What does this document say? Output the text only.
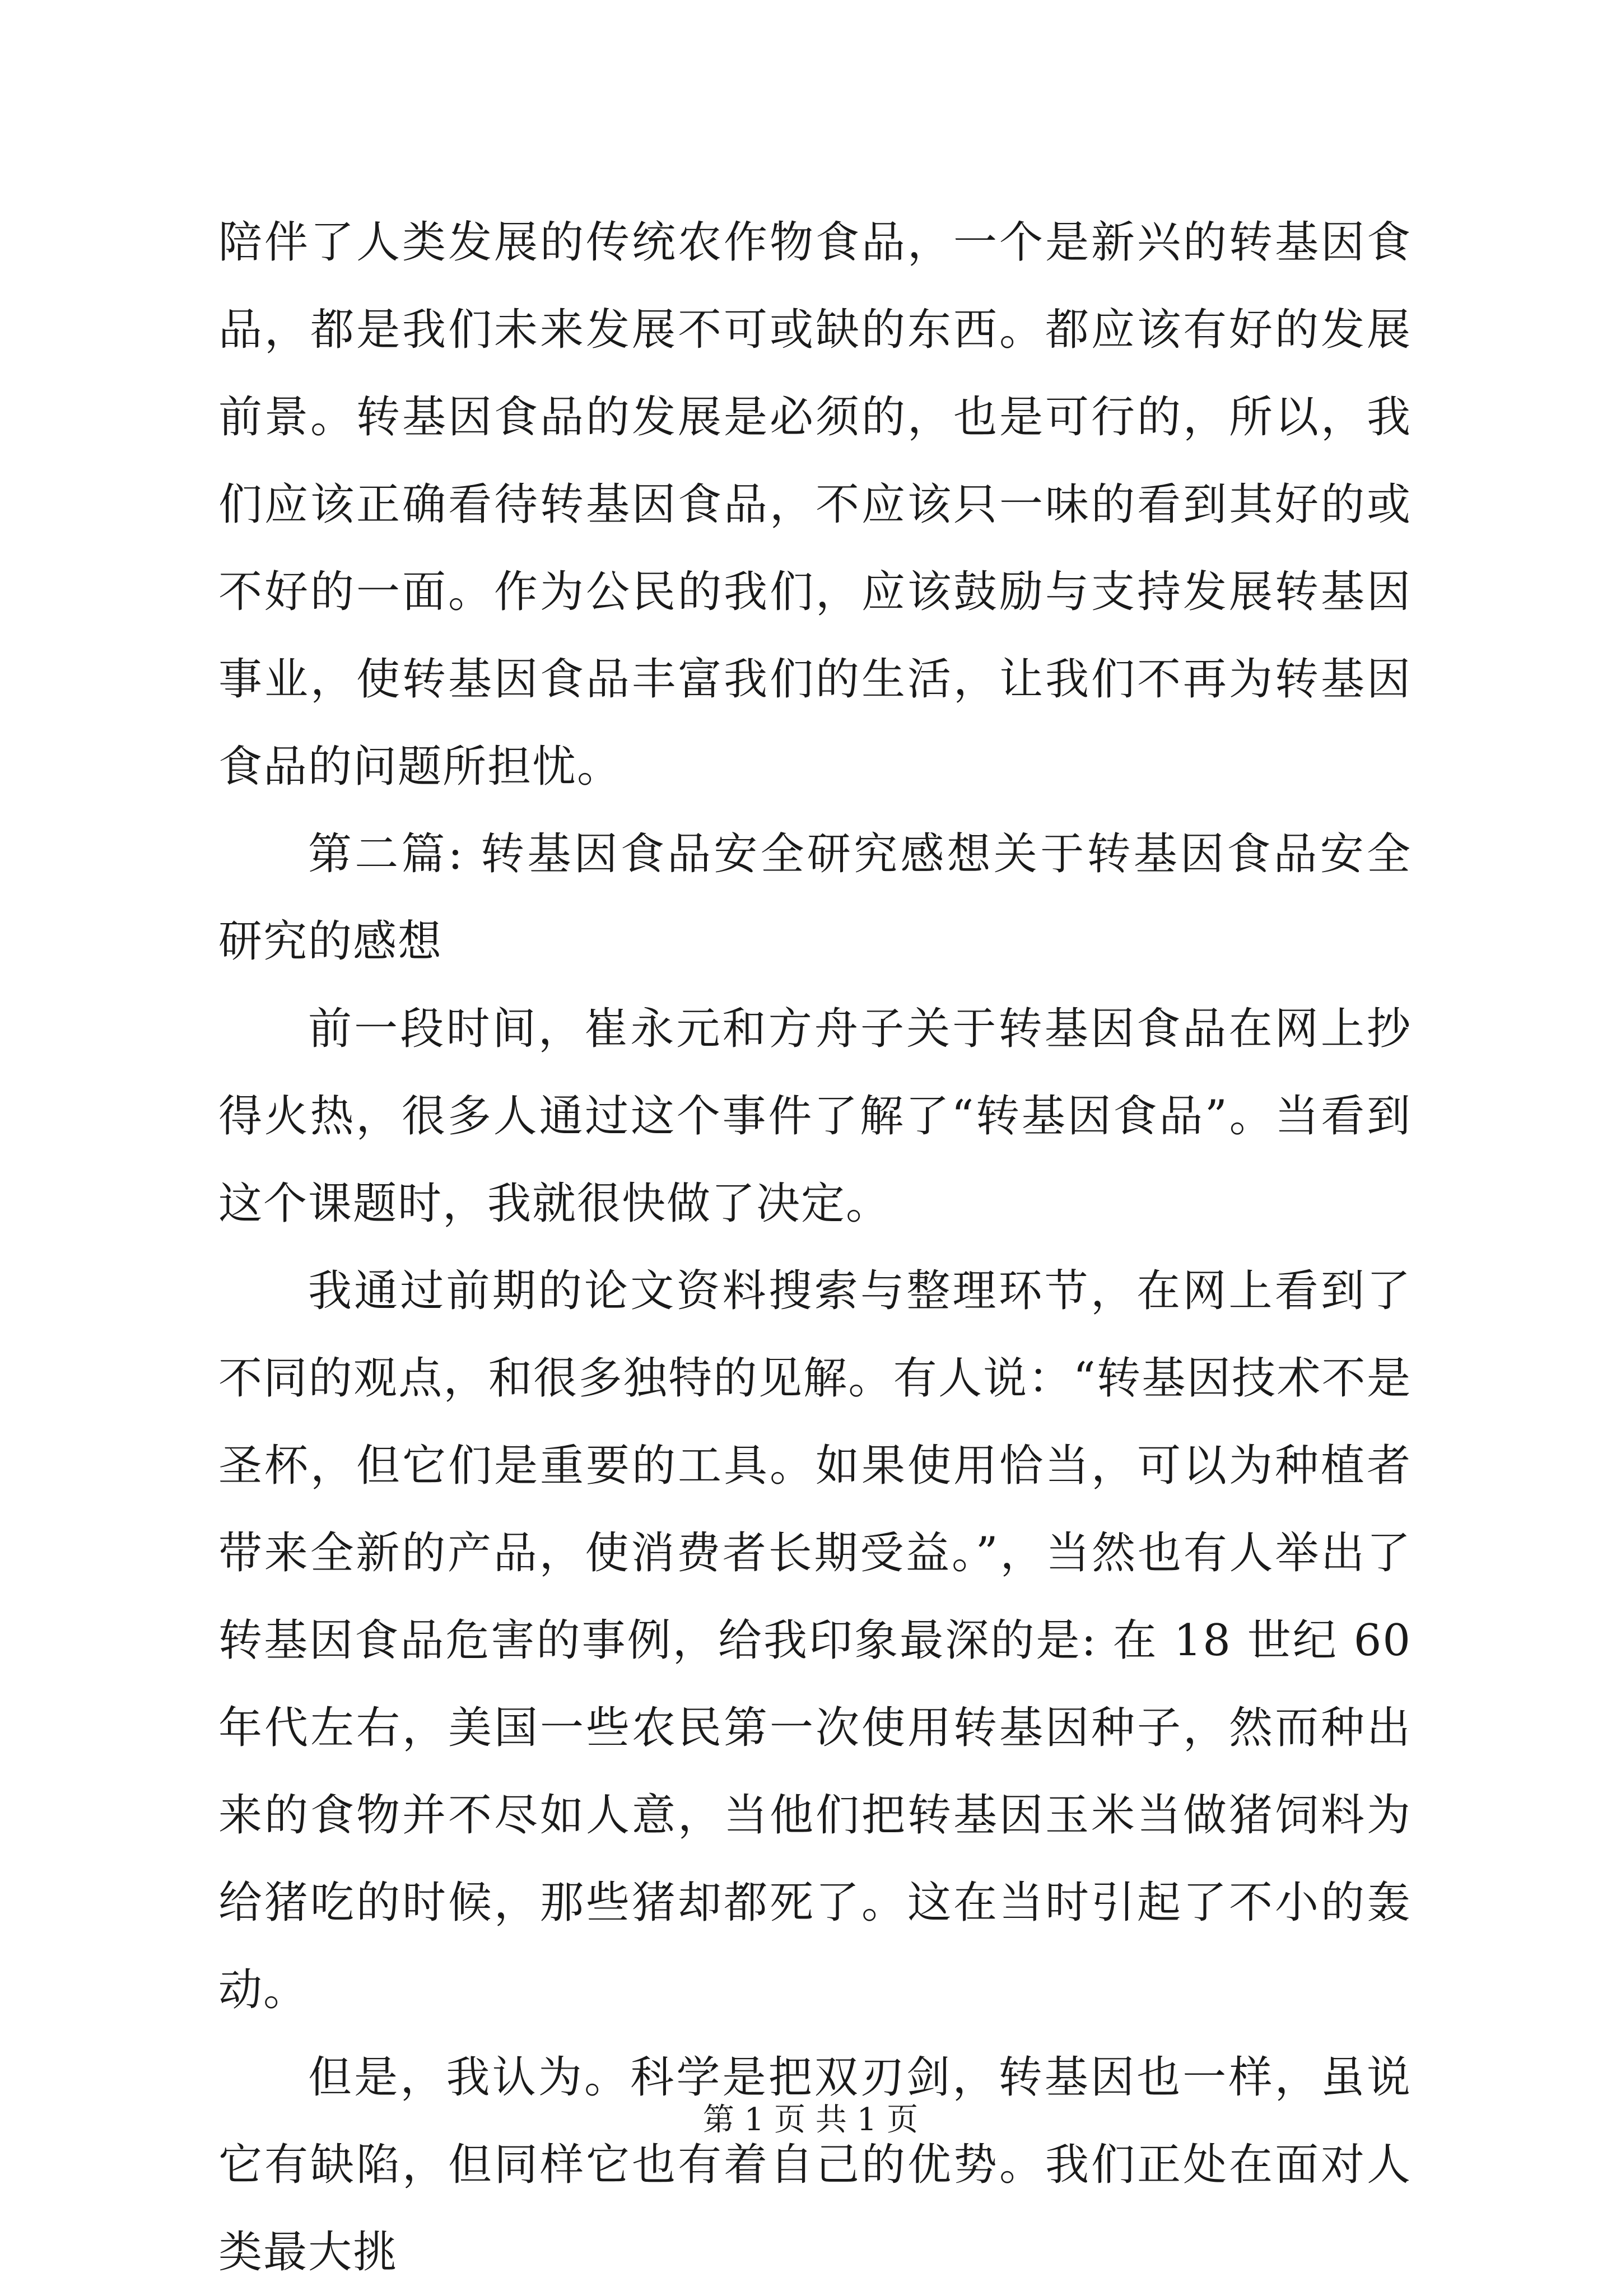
陪伴了人类发展的传统农作物食品，一个是新兴的转基因食品，都是我们未来发展不可或缺的东西。都应该有好的发展前景。转基因食品的发展是必须的，也是可行的，所以，我们应该正确看待转基因食品，不应该只一味的看到其好的或不好的一面。作为公民的我们，应该鼓励与支持发展转基因事业，使转基因食品丰富我们的生活，让我们不再为转基因食品的问题所担忧。

第二篇: 转基因食品安全研究感想关于转基因食品安全研究的感想

前一段时间，崔永元和方舟子关于转基因食品在网上抄得火热，很多人通过这个事件了解了“转基因食品”。当看到这个课题时，我就很快做了决定。

我通过前期的论文资料搜索与整理环节，在网上看到了不同的观点，和很多独特的见解。有人说：“转基因技术不是圣杯，但它们是重要的工具。如果使用恰当，可以为种植者带来全新的产品，使消费者长期受益。”，当然也有人举出了转基因食品危害的事例，给我印象最深的是: 在 18 世纪 60 年代左右，美国一些农民第一次使用转基因种子，然而种出来的食物并不尽如人意，当他们把转基因玉米当做猪饲料为给猪吃的时候，那些猪却都死了。这在当时引起了不小的轰动。

但是，我认为。科学是把双刃剑，转基因也一样，虽说它有缺陷，但同样它也有着自己的优势。我们正处在面对人类最大挑

第 1 页 共 1 页
